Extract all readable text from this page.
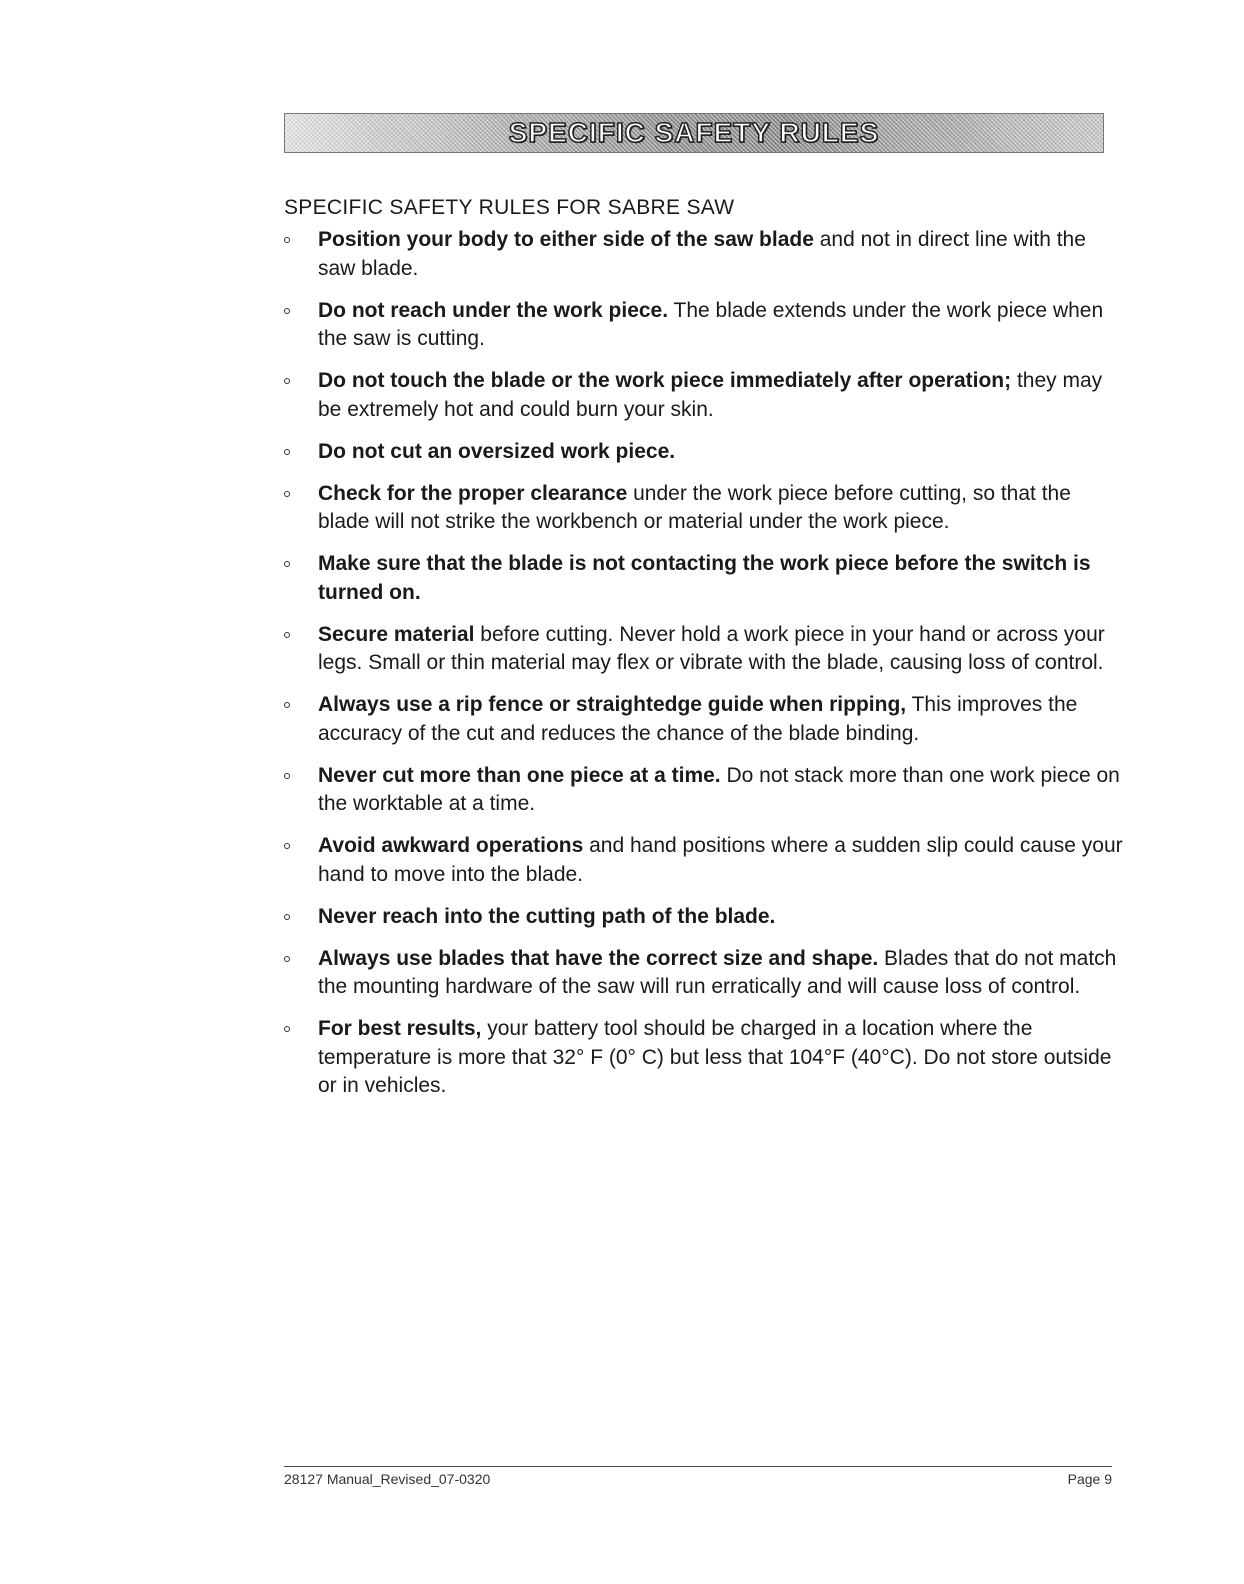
SPECIFIC SAFETY RULES
SPECIFIC SAFETY RULES FOR SABRE SAW
Position your body to either side of the saw blade and not in direct line with the saw blade.
Do not reach under the work piece. The blade extends under the work piece when the saw is cutting.
Do not touch the blade or the work piece immediately after operation; they may be extremely hot and could burn your skin.
Do not cut an oversized work piece.
Check for the proper clearance under the work piece before cutting, so that the blade will not strike the workbench or material under the work piece.
Make sure that the blade is not contacting the work piece before the switch is turned on.
Secure material before cutting. Never hold a work piece in your hand or across your legs. Small or thin material may flex or vibrate with the blade, causing loss of control.
Always use a rip fence or straightedge guide when ripping, This improves the accuracy of the cut and reduces the chance of the blade binding.
Never cut more than one piece at a time. Do not stack more than one work piece on the worktable at a time.
Avoid awkward operations and hand positions where a sudden slip could cause your hand to move into the blade.
Never reach into the cutting path of the blade.
Always use blades that have the correct size and shape. Blades that do not match the mounting hardware of the saw will run erratically and will cause loss of control.
For best results, your battery tool should be charged in a location where the temperature is more that 32° F (0° C) but less that 104°F (40°C). Do not store outside or in vehicles.
28127 Manual_Revised_07-0320	Page 9
